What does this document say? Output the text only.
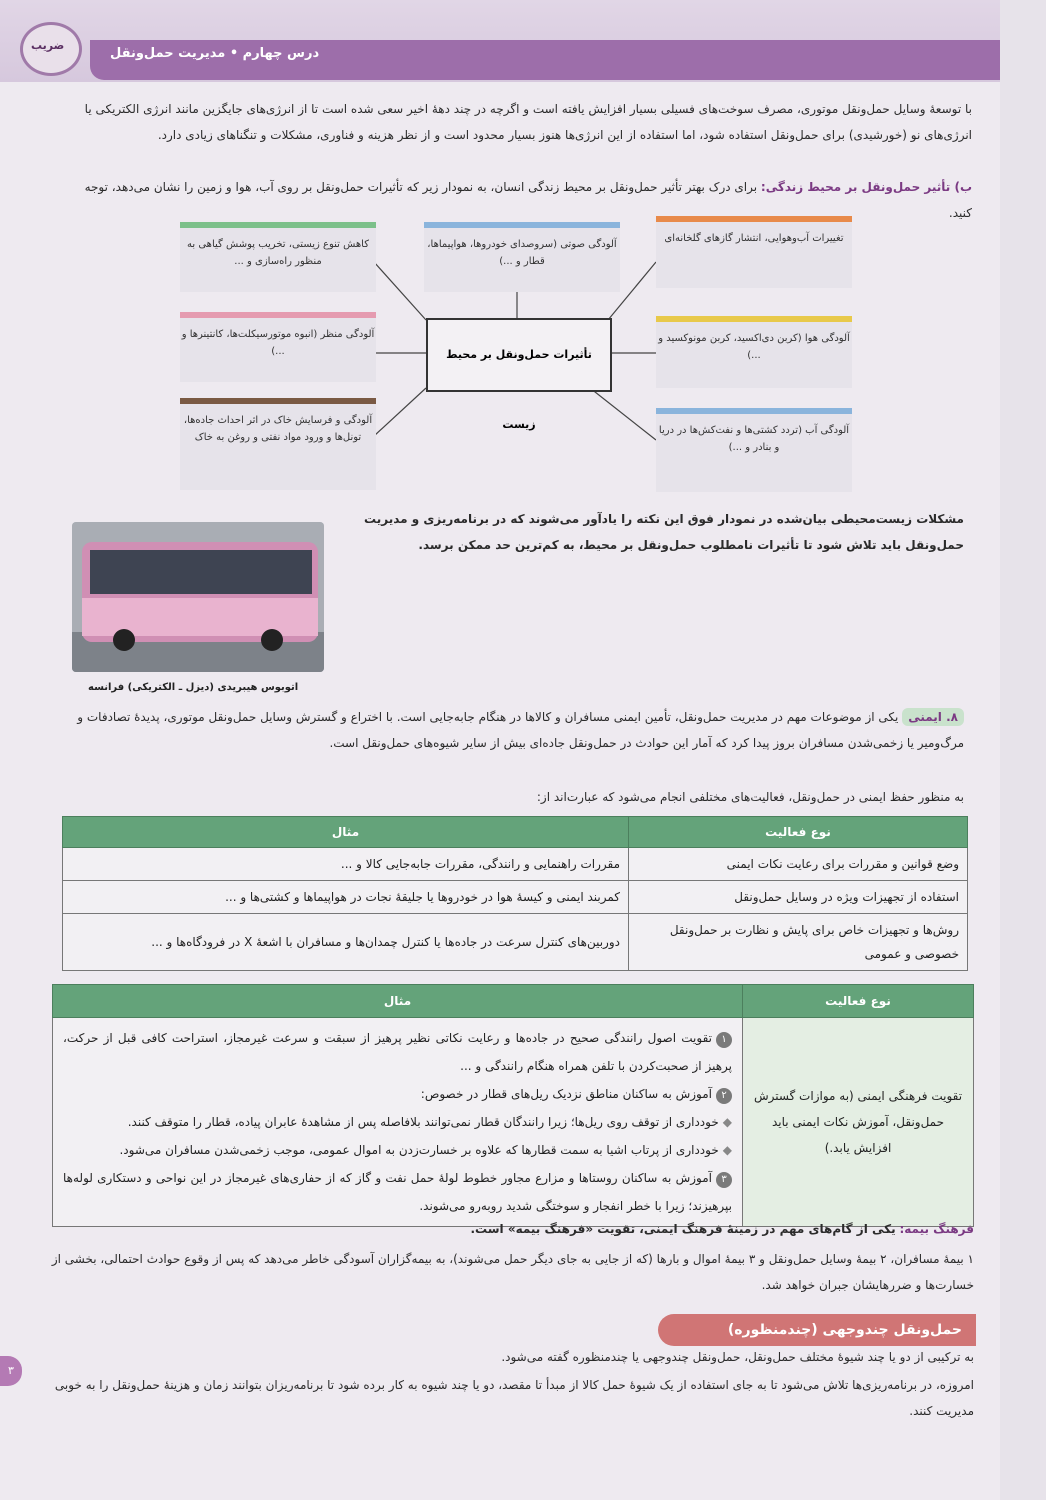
درس چهارم • مدیریت حمل‌ونقل
ضریب
با توسعهٔ وسایل حمل‌ونقل موتوری، مصرف سوخت‌های فسیلی بسیار افزایش یافته است و اگرچه در چند دههٔ اخیر سعی شده است تا از انرژی‌های جایگزین مانند انرژی الکتریکی یا انرژی‌های نو (خورشیدی) برای حمل‌ونقل استفاده شود، اما استفاده از این انرژی‌ها هنوز بسیار محدود است و از نظر هزینه و فناوری، مشکلات و تنگناهای زیادی دارد.
ب) تأثیر حمل‌ونقل بر محیط زندگی: برای درک بهتر تأثیر حمل‌ونقل بر محیط زندگی انسان، به نمودار زیر که تأثیرات حمل‌ونقل بر روی آب، هوا و زمین را نشان می‌دهد، توجه کنید.
تأثیرات حمل‌ونقل بر محیط زیست
کاهش تنوع زیستی، تخریب پوشش گیاهی به منظور راه‌سازی و ...
آلودگی منظر (انبوه موتورسیکلت‌ها، کانتینرها و ...)
آلودگی و فرسایش خاک در اثر احداث جاده‌ها، تونل‌ها و ورود مواد نفتی و روغن به خاک
آلودگی صوتی (سروصدای خودروها، هواپیماها، قطار و ...)
تغییرات آب‌وهوایی، انتشار گازهای گلخانه‌ای
آلودگی هوا (کربن دی‌اکسید، کربن مونوکسید و ...)
آلودگی آب (تردد کشتی‌ها و نفت‌کش‌ها در دریا و بنادر و ...)
مشکلات زیست‌محیطی بیان‌شده در نمودار فوق این نکته را یادآور می‌شوند که در برنامه‌ریزی و مدیریت حمل‌ونقل باید تلاش شود تا تأثیرات نامطلوب حمل‌ونقل بر محیط، به کم‌ترین حد ممکن برسد.
اتوبوس هیبریدی (دیزل ـ الکتریکی) فرانسه
۸. ایمنی یکی از موضوعات مهم در مدیریت حمل‌ونقل، تأمین ایمنی مسافران و کالاها در هنگام جابه‌جایی است. با اختراع و گسترش وسایل حمل‌ونقل موتوری، پدیدهٔ تصادفات و مرگ‌ومیر یا زخمی‌شدن مسافران بروز پیدا کرد که آمار این حوادث در حمل‌ونقل جاده‌ای بیش از سایر شیوه‌های حمل‌ونقل است.
به منظور حفظ ایمنی در حمل‌ونقل، فعالیت‌های مختلفی انجام می‌شود که عبارت‌اند از:
نوع فعالیت	مثال
وضع قوانین و مقررات برای رعایت نکات ایمنی	مقررات راهنمایی و رانندگی، مقررات جابه‌جایی کالا و ...
استفاده از تجهیزات ویژه در وسایل حمل‌ونقل	کمربند ایمنی و کیسهٔ هوا در خودروها یا جلیقهٔ نجات در هواپیماها و کشتی‌ها و ...
روش‌ها و تجهیزات خاص برای پایش و نظارت بر حمل‌ونقل خصوصی و عمومی	دوربین‌های کنترل سرعت در جاده‌ها یا کنترل چمدان‌ها و مسافران با اشعهٔ X در فرودگاه‌ها و ...
نوع فعالیت	مثال
تقویت فرهنگی ایمنی (به موازات گسترش حمل‌ونقل، آموزش نکات ایمنی باید افزایش یابد.)	۱تقویت اصول رانندگی صحیح در جاده‌ها و رعایت نکاتی نظیر پرهیز از سبقت و سرعت غیرمجاز، استراحت کافی قبل از حرکت، پرهیز از صحبت‌کردن با تلفن همراه هنگام رانندگی و ...
۲آموزش به ساکنان مناطق نزدیک ریل‌های قطار در خصوص:
◆خودداری از توقف روی ریل‌ها؛ زیرا رانندگان قطار نمی‌توانند بلافاصله پس از مشاهدهٔ عابران پیاده، قطار را متوقف کنند.
◆خودداری از پرتاب اشیا به سمت قطارها که علاوه بر خسارت‌زدن به اموال عمومی، موجب زخمی‌شدن مسافران می‌شود.
۳آموزش به ساکنان روستاها و مزارع مجاور خطوط لولهٔ حمل نفت و گاز که از حفاری‌های غیرمجاز در این نواحی و دستکاری لوله‌ها بپرهیزند؛ زیرا با خطر انفجار و سوختگی شدید روبه‌رو می‌شوند.
فرهنگ بیمه: یکی از گام‌های مهم در زمینهٔ فرهنگ ایمنی، تقویت «فرهنگ بیمه» است.
۱ بیمهٔ مسافران، ۲ بیمهٔ وسایل حمل‌ونقل و ۳ بیمهٔ اموال و بارها (که از جایی به جای دیگر حمل می‌شوند)، به بیمه‌گزاران آسودگی خاطر می‌دهد که پس از وقوع حوادث احتمالی، بخشی از خسارت‌ها و ضررهایشان جبران خواهد شد.
حمل‌ونقل چندوجهی (چندمنظوره)
به ترکیبی از دو یا چند شیوهٔ مختلف حمل‌ونقل، حمل‌ونقل چندوجهی یا چندمنظوره گفته می‌شود.
امروزه، در برنامه‌ریزی‌ها تلاش می‌شود تا به جای استفاده از یک شیوهٔ حمل کالا از مبدأ تا مقصد، دو یا چند شیوه به کار برده شود تا برنامه‌ریزان بتوانند زمان و هزینهٔ حمل‌ونقل را به خوبی مدیریت کنند.
۳
